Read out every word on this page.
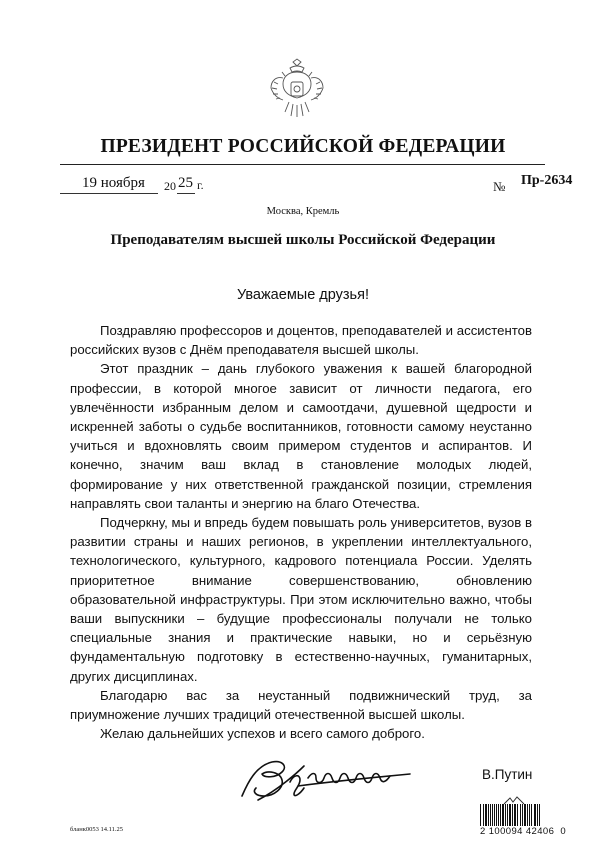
ПРЕЗИДЕНТ РОССИЙСКОЙ ФЕДЕРАЦИИ
19 ноября 20 25 г.	№ Пр-2634
Москва, Кремль
Преподавателям высшей школы Российской Федерации
Уважаемые друзья!

Поздравляю профессоров и доцентов, преподавателей и ассистентов российских вузов с Днём преподавателя высшей школы.

Этот праздник – дань глубокого уважения к вашей благородной профессии, в которой многое зависит от личности педагога, его увлечённости избранным делом и самоотдачи, душевной щедрости и искренней заботы о судьбе воспитанников, готовности самому неустанно учиться и вдохновлять своим примером студентов и аспирантов. И конечно, значим ваш вклад в становление молодых людей, формирование у них ответственной гражданской позиции, стремления направлять свои таланты и энергию на благо Отечества.

Подчеркну, мы и впредь будем повышать роль университетов, вузов в развитии страны и наших регионов, в укреплении интеллектуального, технологического, культурного, кадрового потенциала России. Уделять приоритетное внимание совершенствованию, обновлению образовательной инфраструктуры. При этом исключительно важно, чтобы ваши выпускники – будущие профессионалы получали не только специальные знания и практические навыки, но и серьёзную фундаментальную подготовку в естественно-научных, гуманитарных, других дисциплинах.

Благодарю вас за неустанный подвижнический труд, за приумножение лучших традиций отечественной высшей школы.

Желаю дальнейших успехов и всего самого доброго.

В.Путин
2 100094 42406  0
бланк0053 14.11.25
